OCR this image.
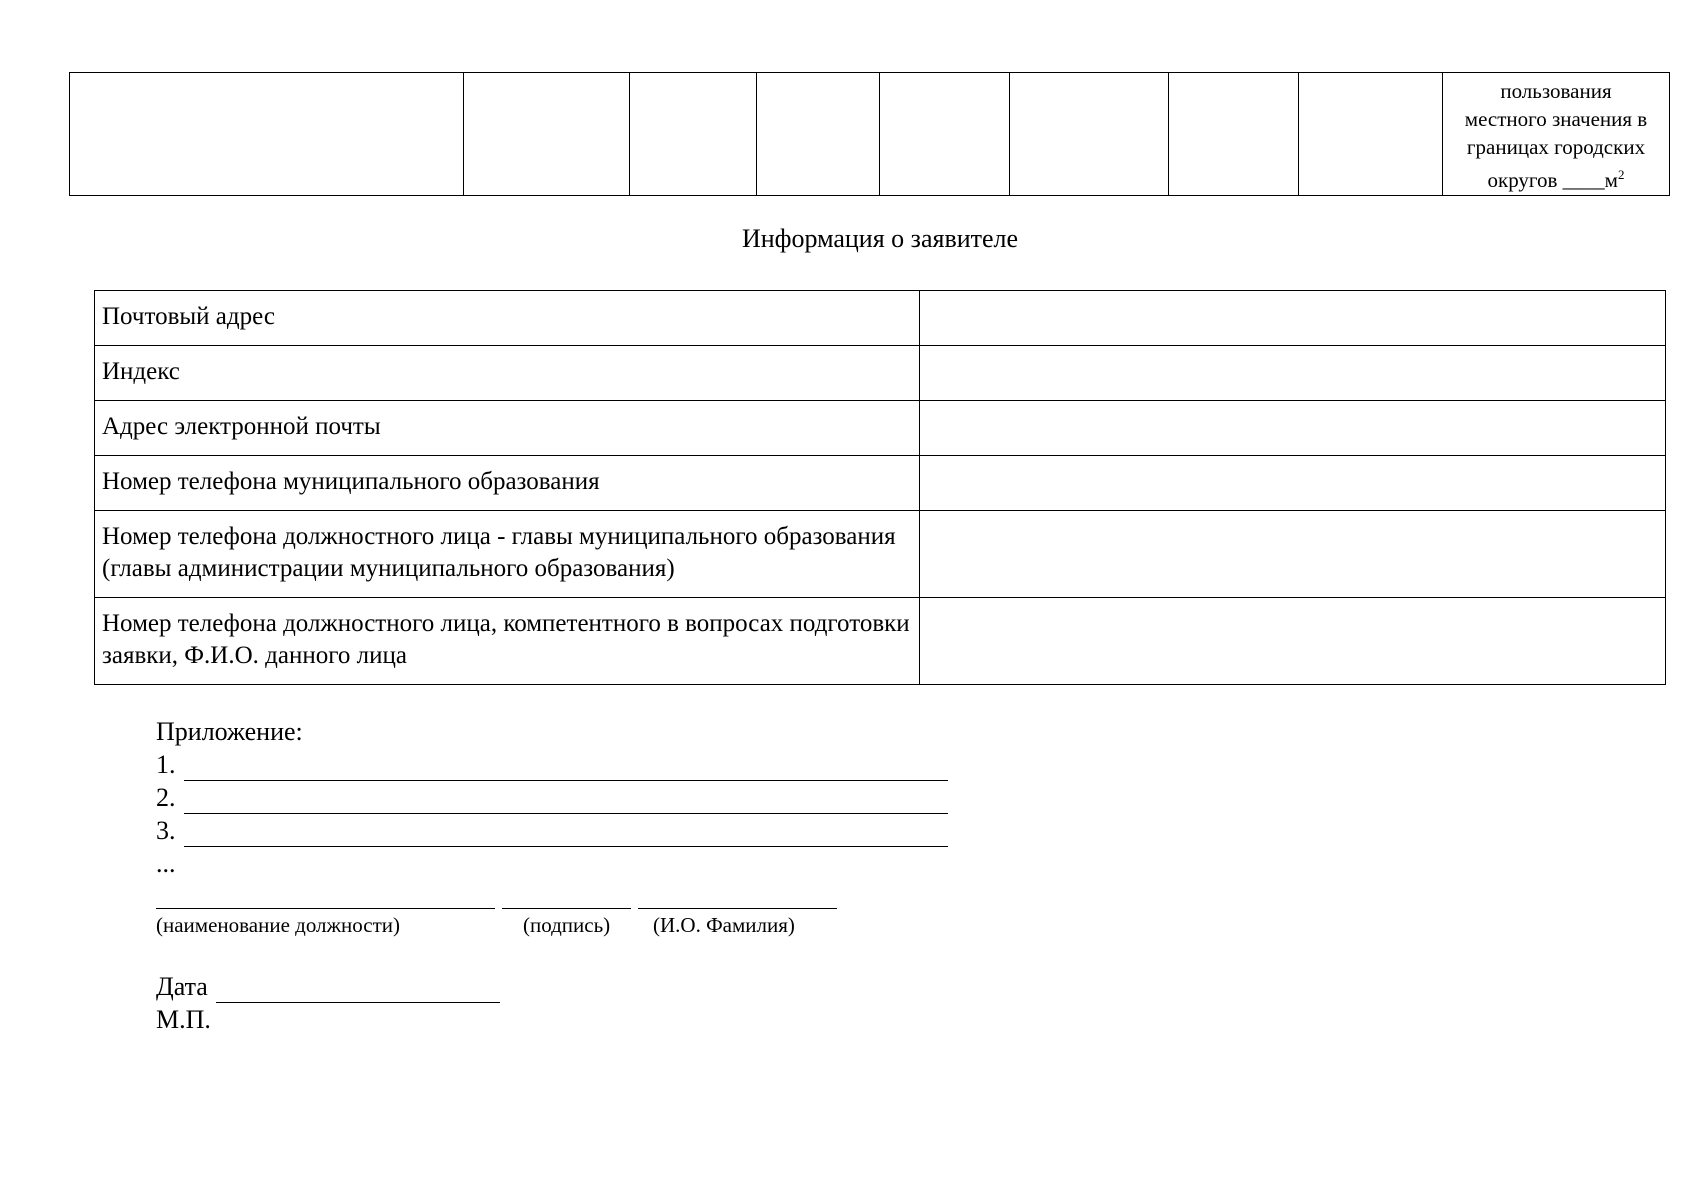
пользования
местного значения в
границах городских
округов $\_\_\_\_м^2$
Информация о заявителе
Почтовый адрес	
Индекс	
Адрес электронной почты	
Номер телефона муниципального образования	
Номер телефона должностного лица - главы муниципального образования (главы администрации муниципального образования)	
Номер телефона должностного лица, компетентного в вопросах подготовки заявки, Ф.И.О. данного лица	
Приложение:
1.
2.
3.
...
(наименование должности)	(подпись) (И.О. Фамилия)
Дата
М.П.
